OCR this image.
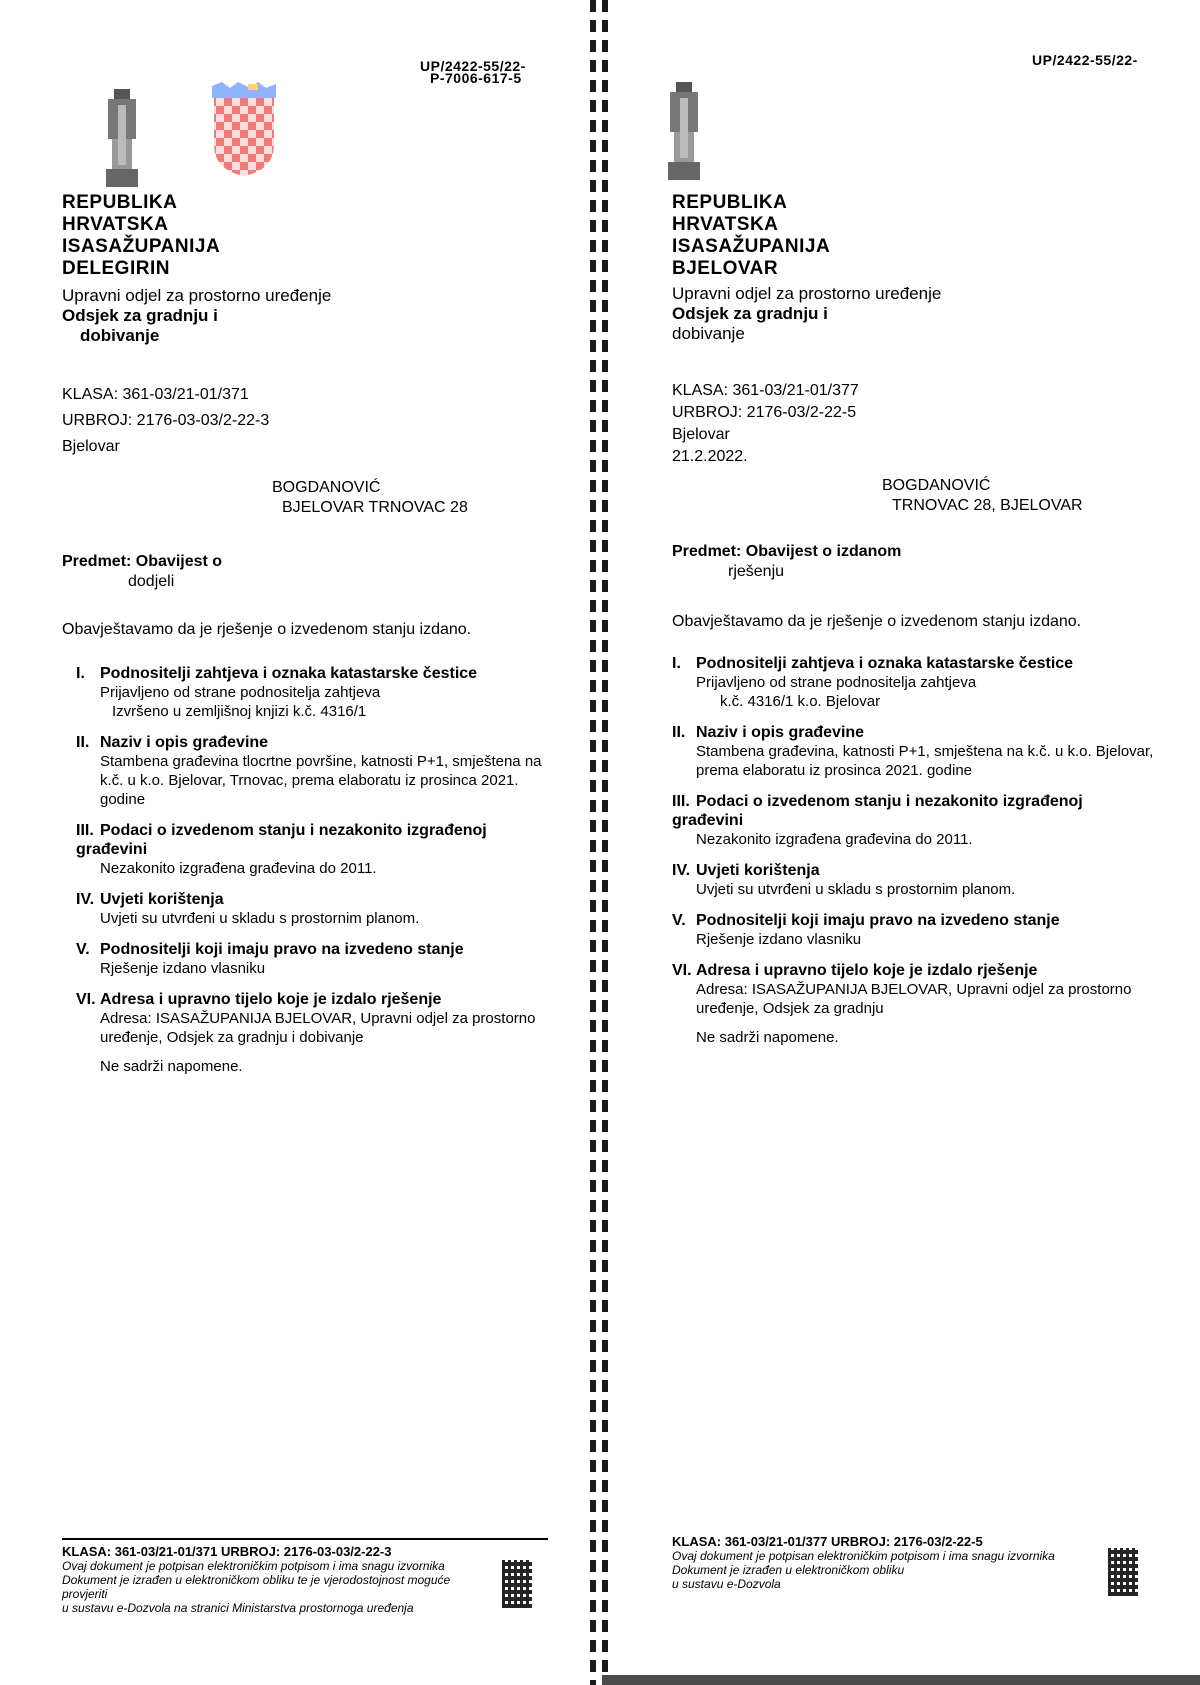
UP/2422-55/22-
P-7006-617-5
REPUBLIKA HRVATSKA
ISASAŽUPANIJA
DELEGIRIN
Upravni odjel za prostorno uređenje
Odsjek za gradnju i
dobivanje
KLASA: 361-03/21-01/371
URBROJ: 2176-03-03/2-22-3
Bjelovar
BOGDANOVIĆ
BJELOVAR TRNOVAC 28
Predmet: Obavijest o
dodjeli
Obavještavamo da je rješenje o izvedenom stanju izdano.
I. Podnositelji zahtjeva i oznaka katastarske čestice
Prijavljeno od strane podnositelja zahtjeva
Izvršeno u zemljišnoj knjizi k.č. 4316/1
II. Naziv i opis građevine
Stambena građevina tlocrtne površine, katnosti P+1, smještena na k.č. u k.o. Bjelovar, Trnovac, prema elaboratu iz prosinca 2021. godine
III. Podaci o izvedenom stanju i nezakonito izgrađenoj građevini
Nezakonito izgrađena građevina do 2011.
IV. Uvjeti korištenja
Uvjeti su utvrđeni u skladu s prostornim planom.
V. Podnositelji koji imaju pravo na izvedeno stanje
Rješenje izdano vlasniku
VI. Adresa i upravno tijelo koje je izdalo rješenje
Adresa: ISASAŽUPANIJA BJELOVAR, Upravni odjel za prostorno uređenje, Odsjek za gradnju i dobivanje
Ne sadrži napomene.
KLASA: 361-03/21-01/371 URBROJ: 2176-03-03/2-22-3
Ovaj dokument je potpisan elektroničkim potpisom i ima snagu izvornika
Dokument je izrađen u elektroničkom obliku te je vjerodostojnost moguće provjeriti
u sustavu e-Dozvola na stranici Ministarstva prostornoga uređenja
UP/2422-55/22-
REPUBLIKA HRVATSKA
ISASAŽUPANIJA
BJELOVAR
Upravni odjel za prostorno uređenje
Odsjek za gradnju i
dobivanje
KLASA: 361-03/21-01/377
URBROJ: 2176-03/2-22-5
Bjelovar
21.2.2022.
BOGDANOVIĆ
TRNOVAC 28, BJELOVAR
Predmet: Obavijest o izdanom
rješenju
Obavještavamo da je rješenje o izvedenom stanju izdano.
I. Podnositelji zahtjeva i oznaka katastarske čestice
Prijavljeno od strane podnositelja zahtjeva
k.č. 4316/1 k.o. Bjelovar
II. Naziv i opis građevine
Stambena građevina, katnosti P+1, smještena na k.č. u k.o. Bjelovar, prema elaboratu iz prosinca 2021. godine
III. Podaci o izvedenom stanju i nezakonito izgrađenoj građevini
Nezakonito izgrađena građevina do 2011.
IV. Uvjeti korištenja
Uvjeti su utvrđeni u skladu s prostornim planom.
V. Podnositelji koji imaju pravo na izvedeno stanje
Rješenje izdano vlasniku
VI. Adresa i upravno tijelo koje je izdalo rješenje
Adresa: ISASAŽUPANIJA BJELOVAR, Upravni odjel za prostorno uređenje, Odsjek za gradnju
Ne sadrži napomene.
KLASA: 361-03/21-01/377 URBROJ: 2176-03/2-22-5
Ovaj dokument je potpisan elektroničkim potpisom i ima snagu izvornika
Dokument je izrađen u elektroničkom obliku
u sustavu e-Dozvola
